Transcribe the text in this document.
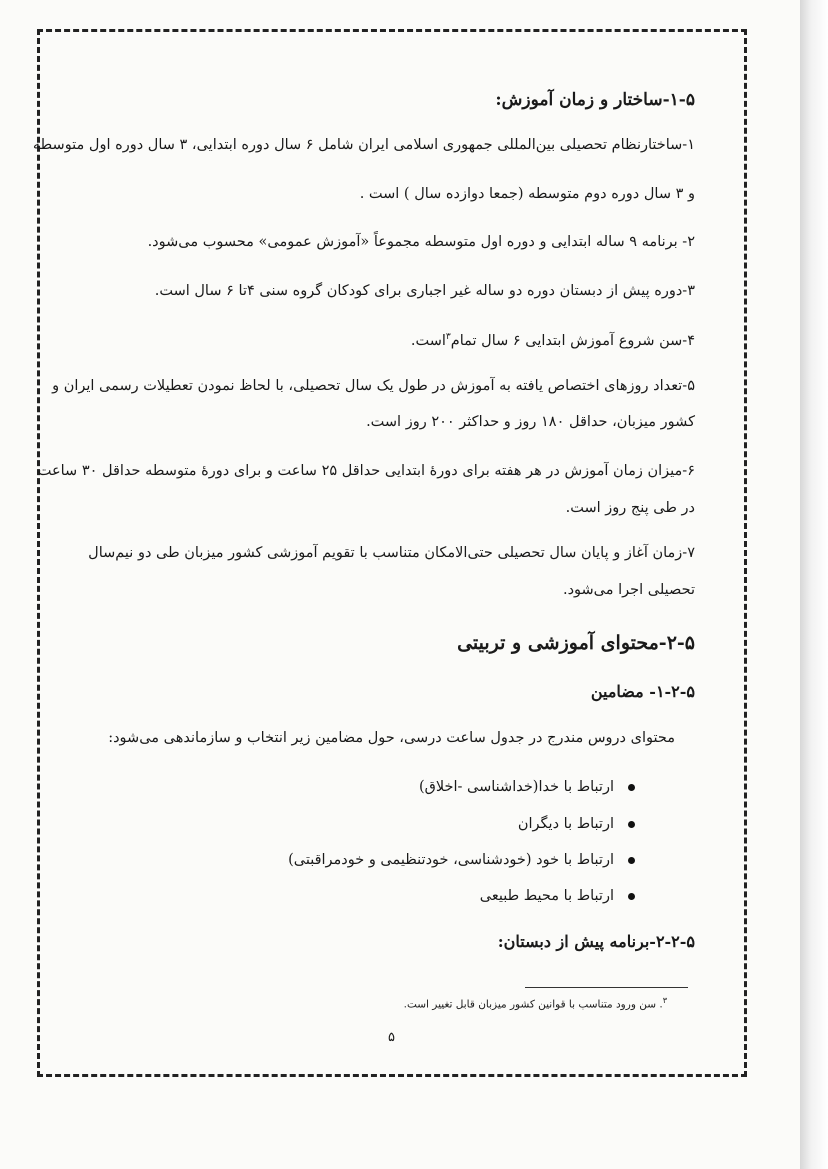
۱-۵-ساختار و زمان آموزش:
۱-ساختارنظام تحصیلی بین‌المللی جمهوری اسلامی ایران شامل ۶ سال دوره ابتدایی، ۳ سال دوره اول متوسطه
و ۳ سال دوره دوم متوسطه (جمعا دوازده سال ) است .
۲- برنامه ۹ ساله ابتدایی و دوره اول متوسطه مجموعاً «آموزش عمومی» محسوب می‌شود.
۳-دوره پیش از دبستان دوره دو ساله غیر اجباری برای کودکان گروه سنی ۴تا ۶ سال است.
۴-سن شروع آموزش ابتدایی ۶ سال تمام$^۳$است.
۵-تعداد روزهای اختصاص یافته به آموزش در طول یک سال تحصیلی، با لحاظ نمودن تعطیلات رسمی ایران و
کشور میزبان، حداقل ۱۸۰ روز و حداکثر ۲۰۰ روز است.
۶-میزان زمان آموزش در هر هفته برای دورۀ ابتدایی حداقل ۲۵ ساعت و برای دورۀ متوسطه حداقل ۳۰ ساعت
در طی پنج روز است.
۷-زمان آغاز و پایان سال تحصیلی حتی‌الامکان متناسب با تقویم آموزشی کشور میزبان طی دو نیم‌سال
تحصیلی اجرا می‌شود.
۲-۵-محتوای آموزشی و تربیتی
۱-۲-۵- مضامین
محتوای دروس مندرج در جدول ساعت درسی، حول مضامین زیر انتخاب و سازماندهی می‌شود:
ارتباط با خدا(خداشناسی -اخلاق)
ارتباط با دیگران
ارتباط با خود (خودشناسی، خودتنظیمی و خودمراقبتی)
ارتباط با محیط طبیعی
۲-۲-۵-برنامه پیش از دبستان:
$^۳$. سن ورود متناسب با قوانین کشور میزبان قابل تغییر است.
۵
